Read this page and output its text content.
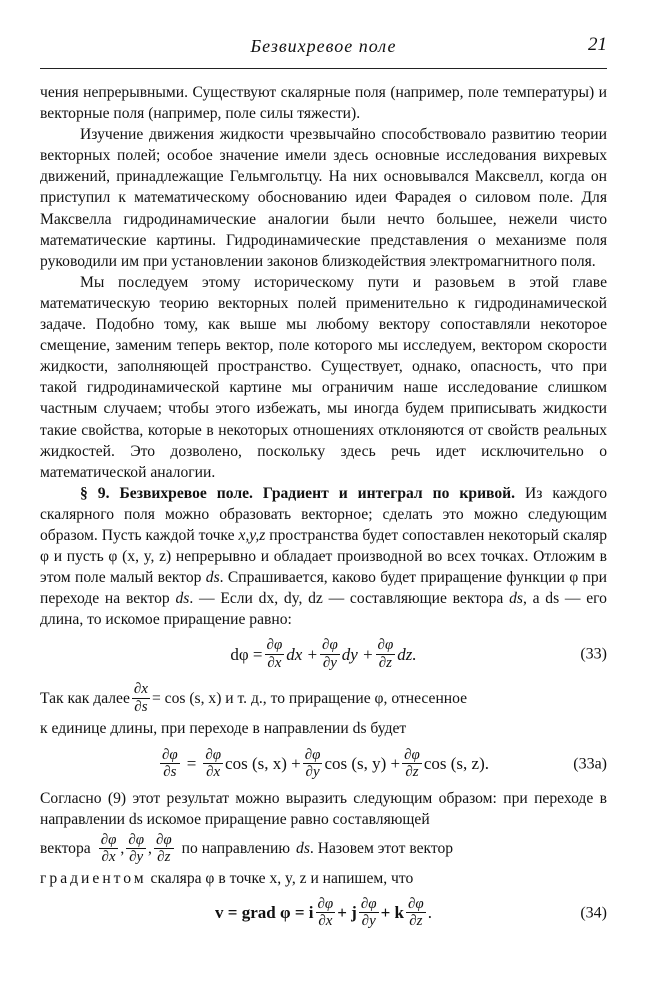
Безвихревое поле	21

чения непрерывными. Существуют скалярные поля (например, поле температуры) и векторные поля (например, поле силы тяжести).

Изучение движения жидкости чрезвычайно способствовало развитию теории векторных полей; особое значение имели здесь основные исследования вихревых движений, принадлежащие Гельмгольтцу. На них основывался Максвелл, когда он приступил к математическому обоснованию идеи Фарадея о силовом поле. Для Максвелла гидродинамические аналогии были нечто большее, нежели чисто математические картины. Гидродинамические представления о механизме поля руководили им при установлении законов близкодействия электромагнитного поля.

Мы последуем этому историческому пути и разовьем в этой главе математическую теорию векторных полей применительно к гидродинамической задаче. Подобно тому, как выше мы любому вектору сопоставляли некоторое смещение, заменим теперь вектор, поле которого мы исследуем, вектором скорости жидкости, заполняющей пространство. Существует, однако, опасность, что при такой гидродинамической картине мы ограничим наше исследование слишком частным случаем; чтобы этого избежать, мы иногда будем приписывать жидкости такие свойства, которые в некоторых отношениях отклоняются от свойств реальных жидкостей. Это дозволено, поскольку здесь речь идет исключительно о математической аналогии.

§ 9. Безвихревое поле. Градиент и интеграл по кривой. Из каждого скалярного поля можно образовать векторное; сделать это можно следующим образом. Пусть каждой точке x,y,z пространства будет сопоставлен некоторый скаляр φ и пусть φ (x, y, z) непрерывно и обладает производной во всех точках. Отложим в этом поле малый вектор ds. Спрашивается, каково будет приращение функции φ при переходе на вектор ds. — Если dx, dy, dz — составляющие вектора ds, а ds — его длина, то искомое приращение равно:

$d\varphi = \frac{\partial\varphi}{\partial x}$ dx + $\frac{\partial\varphi}{\partial y}$ dy + $\frac{\partial\varphi}{\partial z}$ dz.	(33)
Так как далее $\frac{\partial x}{\partial s} = \cos (s$, x) и т. д., то приращение φ, отнесенное

к единице длины, при переходе в направлении ds будет

$\frac{\partial\varphi}{\partial s} = \frac{\partial\varphi}{\partial x}$ cos (s, $x) + \frac{\partial\varphi}{\partial y}$ cos (s, $y) + \frac{\partial\varphi}{\partial z}$ cos (s, z).	(33a)

Согласно (9) этот результат можно выразить следующим образом: при переходе в направлении ds искомое приращение равно составляющей

вектора $\frac{\partial\varphi}{\partial x}$ , $\frac{\partial\varphi}{\partial y}$ , $\frac{\partial\varphi}{\partial z}$ по направлению ds . Назовем этот вектор

градиентом скаляра φ в точке x, y, z и напишем, что

v = grad φ = i $\frac{\partial\varphi}{\partial x} + j \frac{\partial\varphi}{\partial y} + k \frac{\partial\varphi}{\partial z}$ .	(34)
